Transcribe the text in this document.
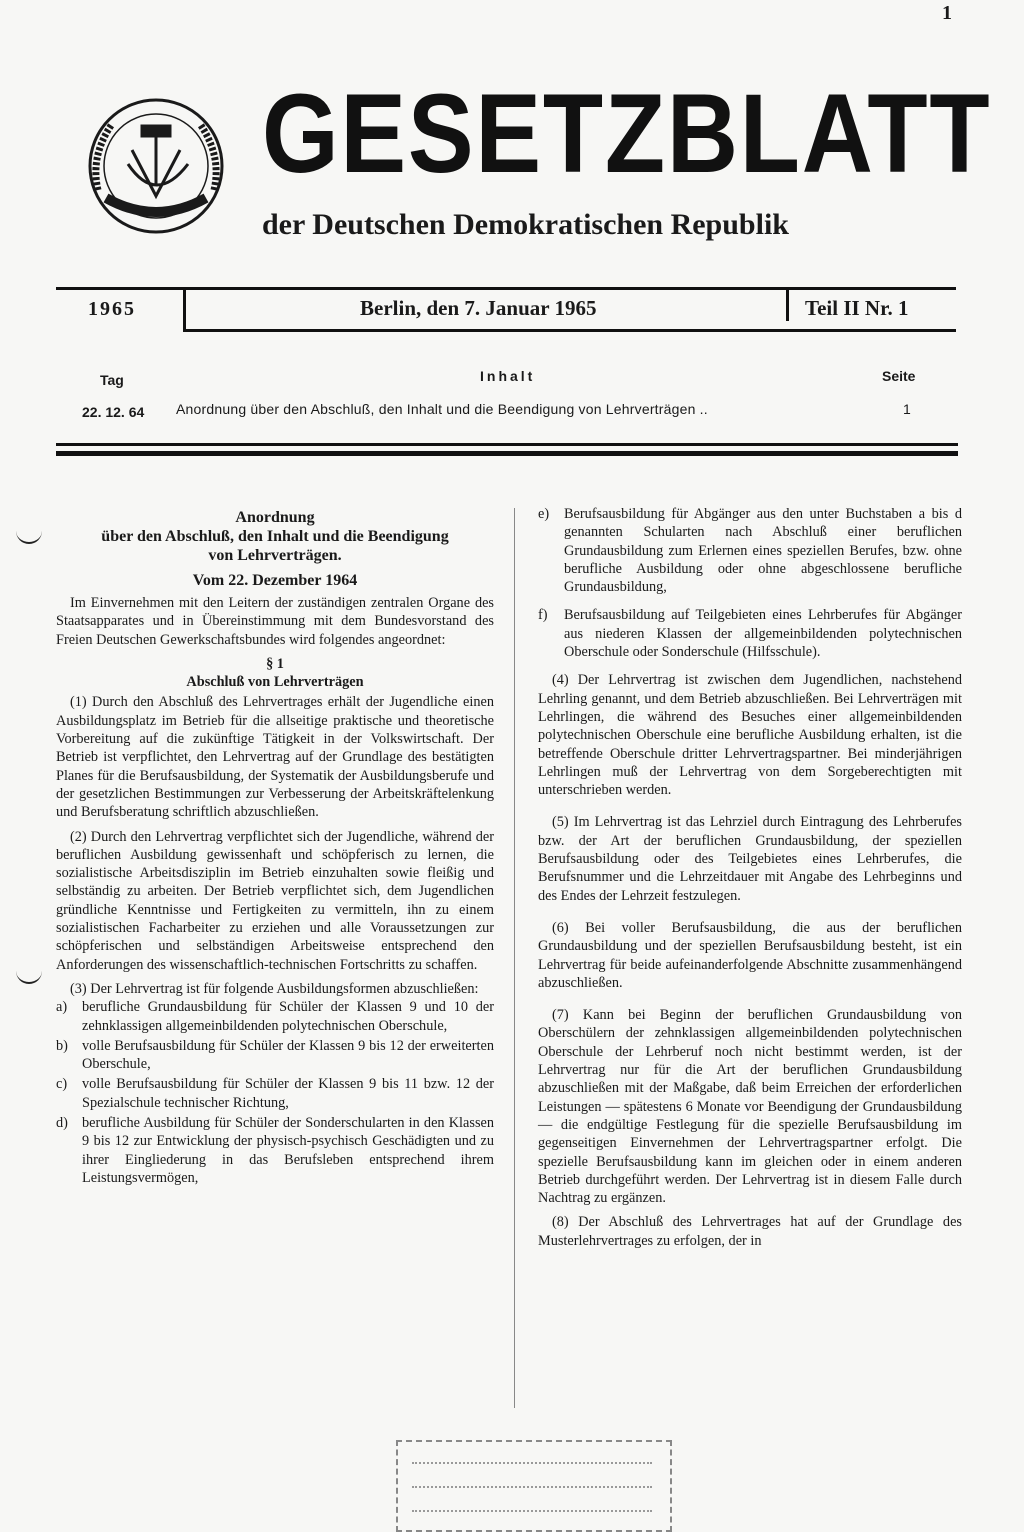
1
GESETZBLATT
der Deutschen Demokratischen Republik
1965	Berlin, den 7. Januar 1965	Teil II Nr. 1
Tag	Inhalt	Seite
22. 12. 64 Anordnung über den Abschluß, den Inhalt und die Beendigung von Lehrverträgen ..	1
Anordnung
über den Abschluß, den Inhalt und die Beendigung
von Lehrverträgen.
Vom 22. Dezember 1964

Im Einvernehmen mit den Leitern der zuständigen zentralen Organe des Staatsapparates und in Übereinstimmung mit dem Bundesvorstand des Freien Deutschen Gewerkschaftsbundes wird folgendes angeordnet:

§ 1
Abschluß von Lehrverträgen

(1) Durch den Abschluß des Lehrvertrages erhält der Jugendliche einen Ausbildungsplatz im Betrieb für die allseitige praktische und theoretische Vorbereitung auf die zukünftige Tätigkeit in der Volkswirtschaft. Der Betrieb ist verpflichtet, den Lehrvertrag auf der Grundlage des bestätigten Planes für die Berufsausbildung, der Systematik der Ausbildungsberufe und der gesetzlichen Bestimmungen zur Verbesserung der Arbeitskräftelenkung und Berufsberatung schriftlich abzuschließen.

(2) Durch den Lehrvertrag verpflichtet sich der Jugendliche, während der beruflichen Ausbildung gewissenhaft und schöpferisch zu lernen, die sozialistische Arbeitsdisziplin im Betrieb einzuhalten sowie fleißig und selbständig zu arbeiten. Der Betrieb verpflichtet sich, dem Jugendlichen gründliche Kenntnisse und Fertigkeiten zu vermitteln, ihn zu einem sozialistischen Facharbeiter zu erziehen und alle Voraussetzungen zur schöpferischen und selbständigen Arbeitsweise entsprechend den Anforderungen des wissenschaftlich-technischen Fortschritts zu schaffen.

(3) Der Lehrvertrag ist für folgende Ausbildungsformen abzuschließen:

a)	berufliche Grundausbildung für Schüler der Klassen 9 und 10 der zehnklassigen allgemeinbildenden polytechnischen Oberschule,
b) volle Berufsausbildung für Schüler der Klassen 9 bis 12 der erweiterten Oberschule,
c)	volle Berufsausbildung für Schüler der Klassen 9 bis 11 bzw. 12 der Spezialschule technischer Richtung,
d) berufliche Ausbildung für Schüler der Sonderschularten in den Klassen 9 bis 12 zur Entwicklung der physisch-psychisch Geschädigten und zu ihrer Eingliederung in das Berufsleben entsprechend ihrem Leistungsvermögen,
e)	Berufsausbildung für Abgänger aus den unter Buchstaben a bis d genannten Schularten nach Abschluß einer beruflichen Grundausbildung zum Erlernen eines speziellen Berufes, bzw. ohne berufliche Ausbildung oder ohne abgeschlossene berufliche Grundausbildung,
f)	Berufsausbildung auf Teilgebieten eines Lehrberufes für Abgänger aus niederen Klassen der allgemeinbildenden polytechnischen Oberschule oder Sonderschule (Hilfsschule).

(4) Der Lehrvertrag ist zwischen dem Jugendlichen, nachstehend Lehrling genannt, und dem Betrieb abzuschließen. Bei Lehrverträgen mit Lehrlingen, die während des Besuches einer allgemeinbildenden polytechnischen Oberschule eine berufliche Ausbildung erhalten, ist die betreffende Oberschule dritter Lehrvertragspartner. Bei minderjährigen Lehrlingen muß der Lehrvertrag von dem Sorgeberechtigten mit unterschrieben werden.

(5) Im Lehrvertrag ist das Lehrziel durch Eintragung des Lehrberufes bzw. der Art der beruflichen Grundausbildung, der speziellen Berufsausbildung oder des Teilgebietes eines Lehrberufes, die Berufsnummer und die Lehrzeitdauer mit Angabe des Lehrbeginns und des Endes der Lehrzeit festzulegen.

(6) Bei voller Berufsausbildung, die aus der beruflichen Grundausbildung und der speziellen Berufsausbildung besteht, ist ein Lehrvertrag für beide aufeinanderfolgende Abschnitte zusammenhängend abzuschließen.

(7) Kann bei Beginn der beruflichen Grundausbildung von Oberschülern der zehnklassigen allgemeinbildenden polytechnischen Oberschule der Lehrberuf noch nicht bestimmt werden, ist der Lehrvertrag nur für die Art der beruflichen Grundausbildung abzuschließen mit der Maßgabe, daß beim Erreichen der erforderlichen Leistungen — spätestens 6 Monate vor Beendigung der Grundausbildung — die endgültige Festlegung für die spezielle Berufsausbildung im gegenseitigen Einvernehmen der Lehrvertragspartner erfolgt. Die spezielle Berufsausbildung kann im gleichen oder in einem anderen Betrieb durchgeführt werden. Der Lehrvertrag ist in diesem Falle durch Nachtrag zu ergänzen.

(8) Der Abschluß des Lehrvertrages hat auf der Grundlage des Musterlehrvertrages zu erfolgen, der in
